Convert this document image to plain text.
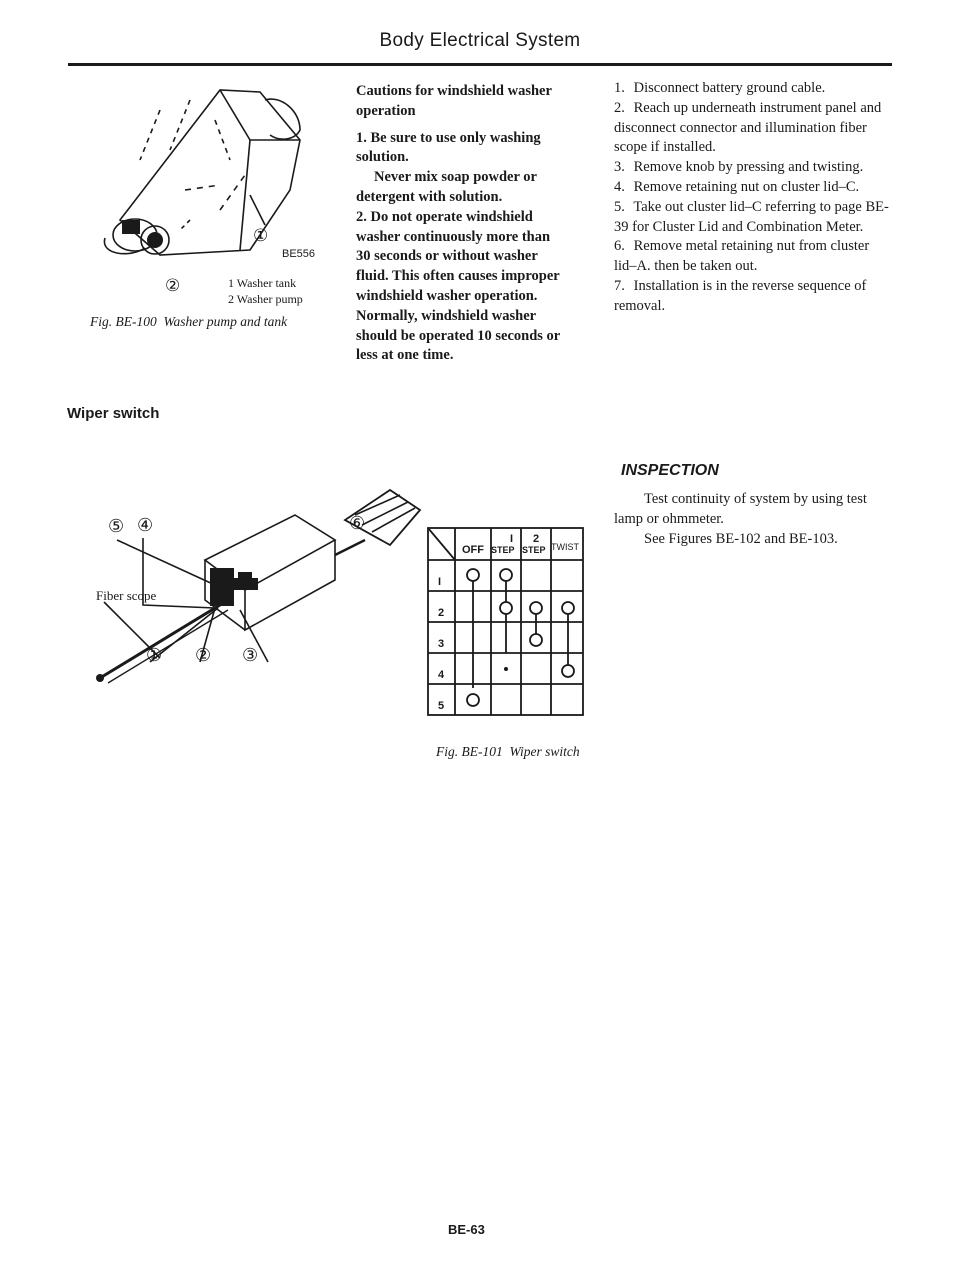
Body Electrical System
①
②
BE556
1 Washer tank
2 Washer pump
Fig. BE-100 Washer pump and tank

Cautions for windshield washer operation

1. Be sure to use only washing solution.

Never mix soap powder or detergent with solution.

2. Do not operate windshield washer continuously more than 30 seconds or without washer fluid. This often causes improper windshield washer operation. Normally, windshield washer should be operated 10 seconds or less at one time.

1. Disconnect battery ground cable.
2. Reach up underneath instrument panel and disconnect connector and illumination fiber scope if installed.
3. Remove knob by pressing and twisting.
4. Remove retaining nut on cluster lid–C.
5. Take out cluster lid–C referring to page BE-39 for Cluster Lid and Combination Meter.
6. Remove metal retaining nut from cluster lid–A. then be taken out.
7. Installation is in the reverse sequence of removal.
Wiper switch
INSPECTION

Test continuity of system by using test lamp or ohmmeter.

See Figures BE-102 and BE-103.

Fiber scope
⑤ ④
① ② ③
⑥
OFF
I
STEP
2
STEP TWIST
I
2
3
4
5
Fig. BE-101 Wiper switch
BE-63
